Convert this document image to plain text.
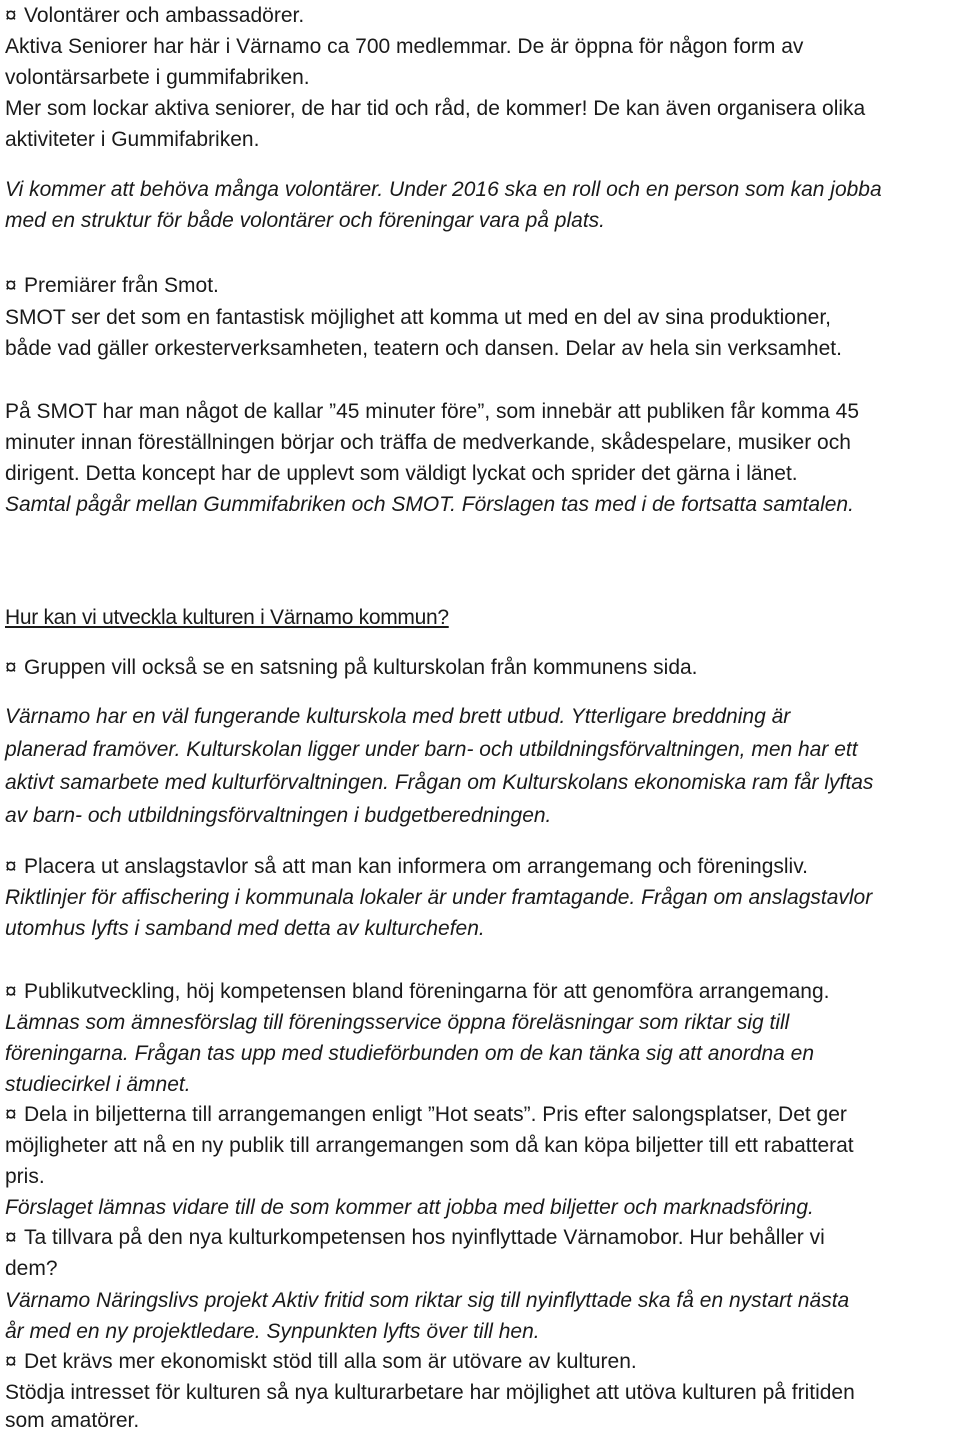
¤ Volontärer och ambassadörer.

Aktiva Seniorer har här i Värnamo ca 700 medlemmar. De är öppna för någon form av

volontärsarbete i gummifabriken.

Mer som lockar aktiva seniorer, de har tid och råd, de kommer! De kan även organisera olika

aktiviteter i Gummifabriken.

Vi kommer att behöva många volontärer. Under 2016 ska en roll och en person som kan jobba

med en struktur för både volontärer och föreningar vara på plats.

¤ Premiärer från Smot.

SMOT ser det som en fantastisk möjlighet att komma ut med en del av sina produktioner,

både vad gäller orkesterverksamheten, teatern och dansen. Delar av hela sin verksamhet.

På SMOT har man något de kallar ”45 minuter före”, som innebär att publiken får komma 45

minuter innan föreställningen börjar och träffa de medverkande, skådespelare, musiker och

dirigent. Detta koncept har de upplevt som väldigt lyckat och sprider det gärna i länet.

Samtal pågår mellan Gummifabriken och SMOT. Förslagen tas med i de fortsatta samtalen.

Hur kan vi utveckla kulturen i Värnamo kommun?

¤ Gruppen vill också se en satsning på kulturskolan från kommunens sida.

Värnamo har en väl fungerande kulturskola med brett utbud. Ytterligare breddning är

planerad framöver. Kulturskolan ligger under barn- och utbildningsförvaltningen, men har ett

aktivt samarbete med kulturförvaltningen. Frågan om Kulturskolans ekonomiska ram får lyftas

av barn- och utbildningsförvaltningen i budgetberedningen.

¤ Placera ut anslagstavlor så att man kan informera om arrangemang och föreningsliv.

Riktlinjer för affischering i kommunala lokaler är under framtagande. Frågan om anslagstavlor

utomhus lyfts i samband med detta av kulturchefen.

¤ Publikutveckling, höj kompetensen bland föreningarna för att genomföra arrangemang.

Lämnas som ämnesförslag till föreningsservice öppna föreläsningar som riktar sig till

föreningarna. Frågan tas upp med studieförbunden om de kan tänka sig att anordna en

studiecirkel i ämnet.

¤ Dela in biljetterna till arrangemangen enligt ”Hot seats”. Pris efter salongsplatser, Det ger

möjligheter att nå en ny publik till arrangemangen som då kan köpa biljetter till ett rabatterat

pris.

Förslaget lämnas vidare till de som kommer att jobba med biljetter och marknadsföring.

¤ Ta tillvara på den nya kulturkompetensen hos nyinflyttade Värnamobor. Hur behåller vi

dem?

Värnamo Näringslivs projekt Aktiv fritid som riktar sig till nyinflyttade ska få en nystart nästa

år med en ny projektledare. Synpunkten lyfts över till hen.

¤ Det krävs mer ekonomiskt stöd till alla som är utövare av kulturen.

Stödja intresset för kulturen så nya kulturarbetare har möjlighet att utöva kulturen på fritiden

som amatörer.
